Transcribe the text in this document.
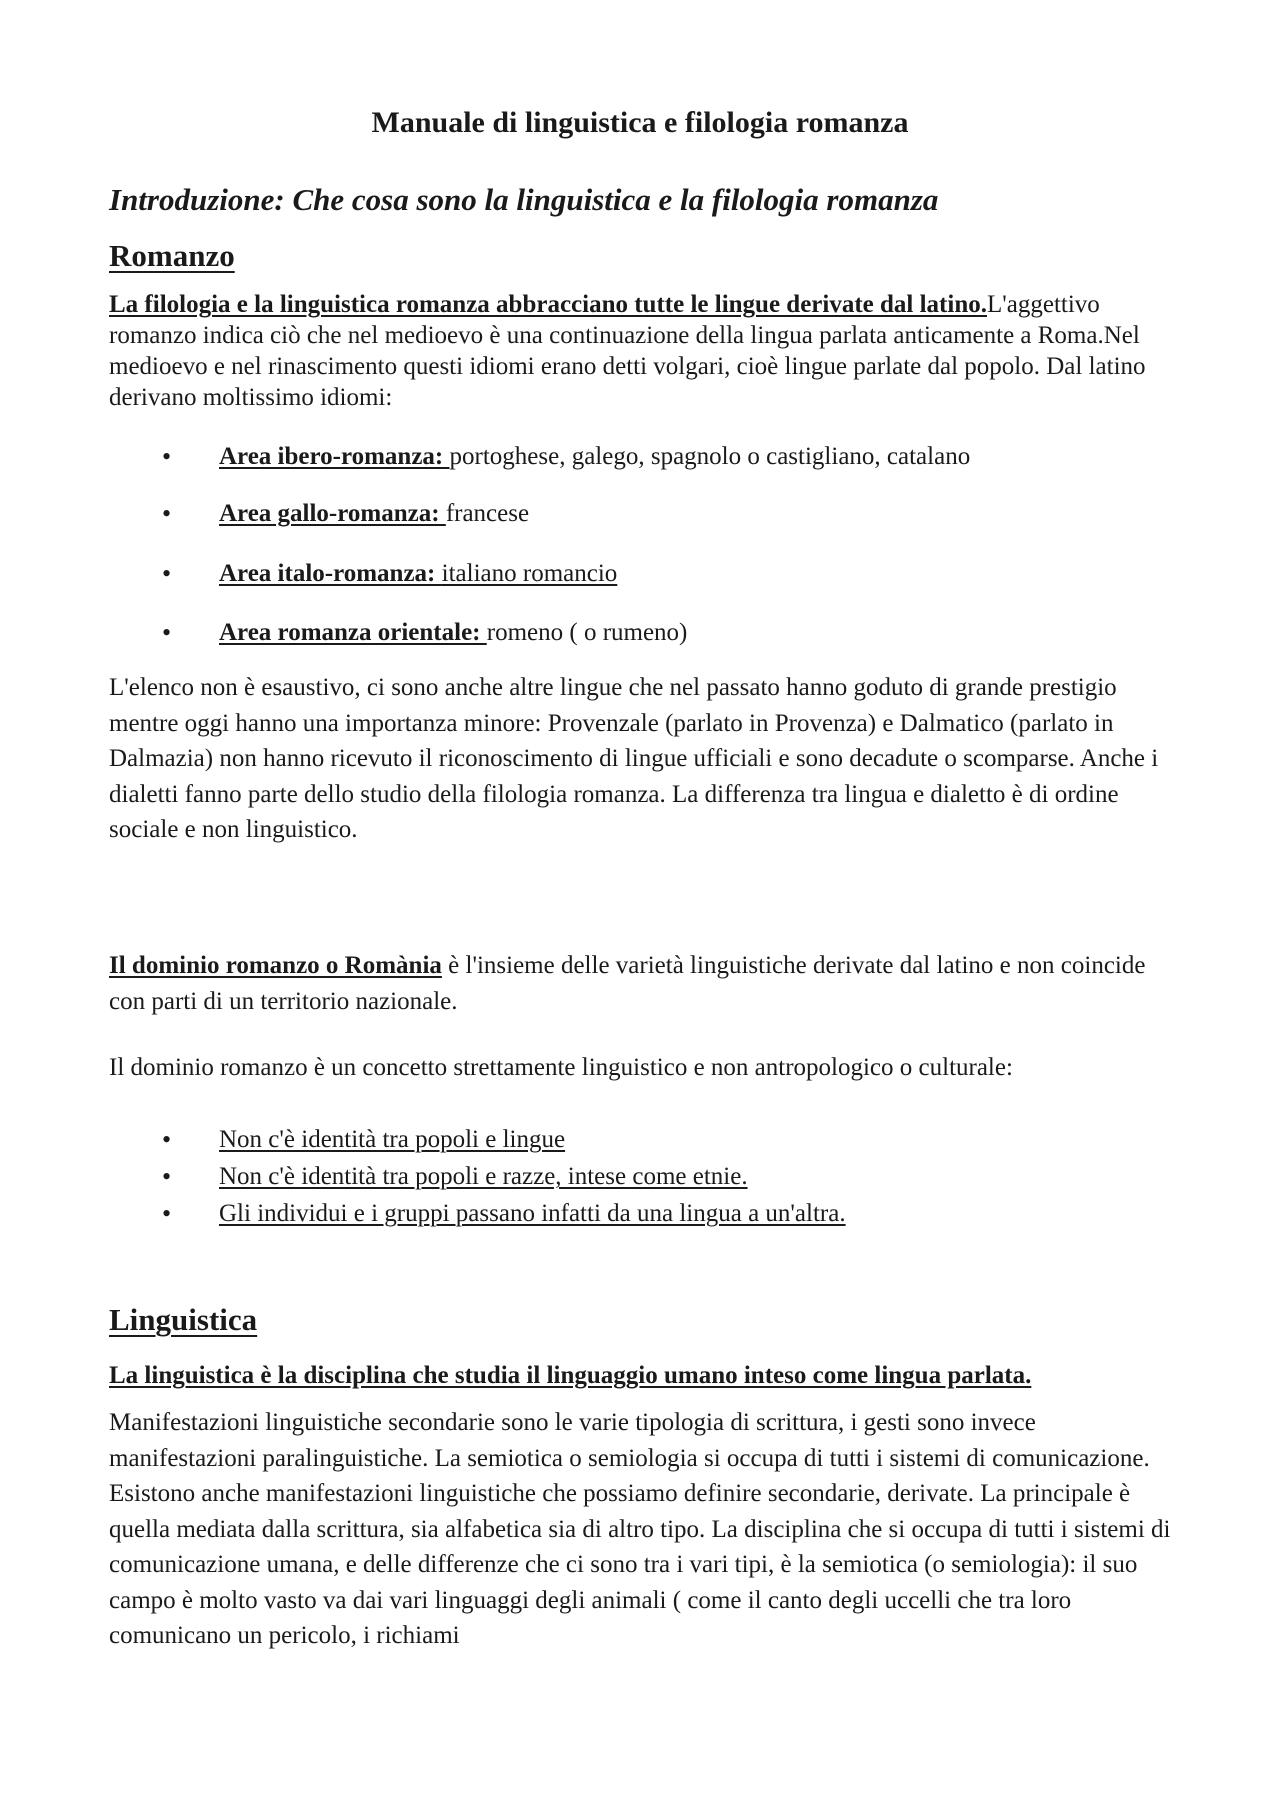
Manuale di linguistica e filologia romanza
Introduzione: Che cosa sono la linguistica e la filologia romanza
Romanzo

La filologia e la linguistica romanza abbracciano tutte le lingue derivate dal latino.L'aggettivo romanzo indica ciò che nel medioevo è una continuazione della lingua parlata anticamente a Roma.Nel medioevo e nel rinascimento questi idiomi erano detti volgari, cioè lingue parlate dal popolo. Dal latino derivano moltissimo idiomi:

• Area ibero-romanza: portoghese, galego, spagnolo o castigliano, catalano
• Area gallo-romanza: francese
• Area italo-romanza: italiano romancio
• Area romanza orientale: romeno ( o rumeno)

L'elenco non è esaustivo, ci sono anche altre lingue che nel passato hanno goduto di grande prestigio mentre oggi hanno una importanza minore: Provenzale (parlato in Provenza) e Dalmatico (parlato in Dalmazia) non hanno ricevuto il riconoscimento di lingue ufficiali e sono decadute o scomparse. Anche i dialetti fanno parte dello studio della filologia romanza. La differenza tra lingua e dialetto è di ordine sociale e non linguistico.

Il dominio romanzo o Romània è l'insieme delle varietà linguistiche derivate dal latino e non coincide con parti di un territorio nazionale.

Il dominio romanzo è un concetto strettamente linguistico e non antropologico o culturale:

• Non c'è identità tra popoli e lingue
• Non c'è identità tra popoli e razze, intese come etnie.
• Gli individui e i gruppi passano infatti da una lingua a un'altra.
Linguistica

La linguistica è la disciplina che studia il linguaggio umano inteso come lingua parlata.

Manifestazioni linguistiche secondarie sono le varie tipologia di scrittura, i gesti sono invece manifestazioni paralinguistiche. La semiotica o semiologia si occupa di tutti i sistemi di comunicazione. Esistono anche manifestazioni linguistiche che possiamo definire secondarie, derivate. La principale è quella mediata dalla scrittura, sia alfabetica sia di altro tipo. La disciplina che si occupa di tutti i sistemi di comunicazione umana, e delle differenze che ci sono tra i vari tipi, è la semiotica (o semiologia): il suo campo è molto vasto va dai vari linguaggi degli animali ( come il canto degli uccelli che tra loro comunicano un pericolo, i richiami
